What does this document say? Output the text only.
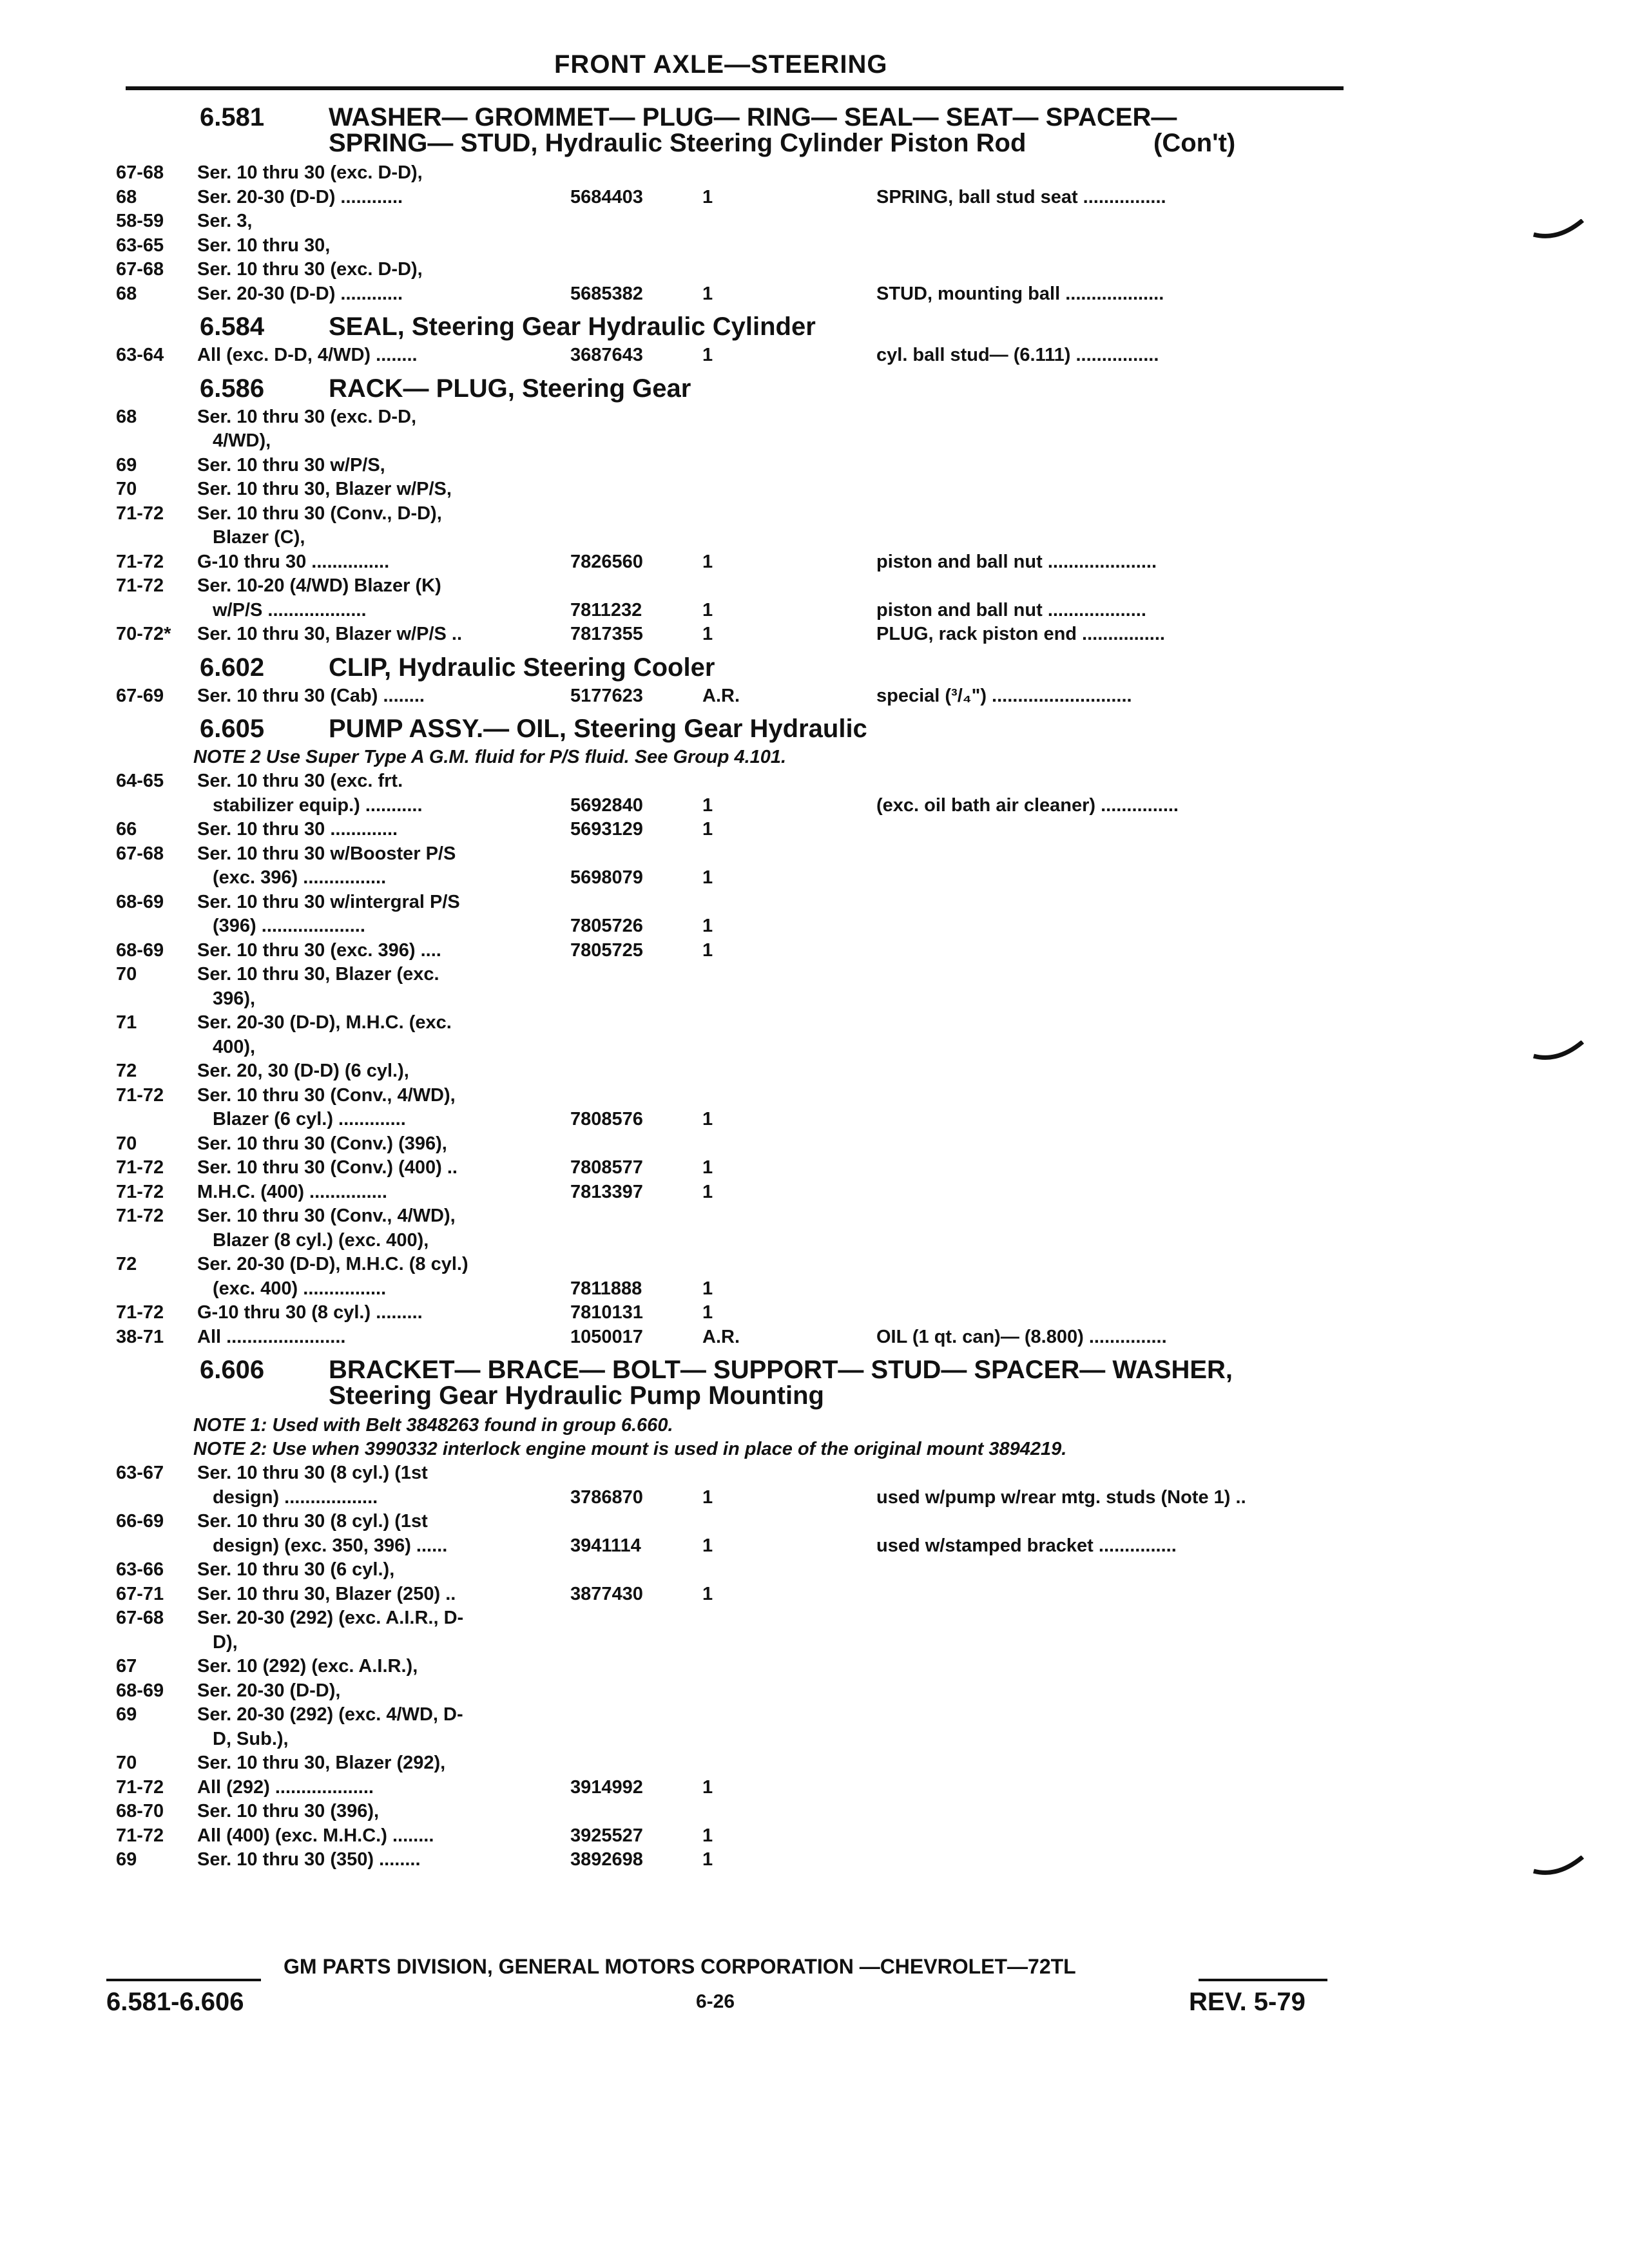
FRONT AXLE—STEERING
6.581 WASHER— GROMMET— PLUG— RING— SEAL— SEAT— SPACER—
SPRING— STUD, Hydraulic Steering Cylinder Piston Rod	(Con't)
67-68	Ser. 10 thru 30 (exc. D-D),
68	Ser. 20-30 (D-D) ............	5684403	1	SPRING, ball stud seat ................
58-59	Ser. 3,
63-65	Ser. 10 thru 30,
67-68	Ser. 10 thru 30 (exc. D-D),
68	Ser. 20-30 (D-D) ............	5685382	1	STUD, mounting ball ...................
6.584 SEAL, Steering Gear Hydraulic Cylinder
63-64	All (exc. D-D, 4/WD) ........	3687643	1	cyl. ball stud— (6.111) ................
6.586 RACK— PLUG, Steering Gear
68	Ser. 10 thru 30 (exc. D-D,
4/WD),
69	Ser. 10 thru 30 w/P/S,
70	Ser. 10 thru 30, Blazer w/P/S,
71-72	Ser. 10 thru 30 (Conv., D-D),
Blazer (C),
71-72	G-10 thru 30 ...............	7826560	1	piston and ball nut .....................
71-72	Ser. 10-20 (4/WD) Blazer (K)
w/P/S ...................	7811232	1	piston and ball nut ...................
70-72*	Ser. 10 thru 30, Blazer w/P/S ..	7817355	1	PLUG, rack piston end ................
6.602 CLIP, Hydraulic Steering Cooler
67-69	Ser. 10 thru 30 (Cab) ........	5177623	A.R.	special (³/₄") ...........................
6.605 PUMP ASSY.— OIL, Steering Gear Hydraulic
NOTE 2 Use Super Type A G.M. fluid for P/S fluid. See Group 4.101.
64-65	Ser. 10 thru 30 (exc. frt.
stabilizer equip.) ...........	5692840	1	(exc. oil bath air cleaner) ...............
66	Ser. 10 thru 30 .............	5693129	1
67-68	Ser. 10 thru 30 w/Booster P/S
(exc. 396) ................	5698079	1
68-69	Ser. 10 thru 30 w/intergral P/S
(396) ....................	7805726	1
68-69	Ser. 10 thru 30 (exc. 396) ....	7805725	1
70	Ser. 10 thru 30, Blazer (exc.
396),
71	Ser. 20-30 (D-D), M.H.C. (exc.
400),
72	Ser. 20, 30 (D-D) (6 cyl.),
71-72	Ser. 10 thru 30 (Conv., 4/WD),
Blazer (6 cyl.) .............	7808576	1
70	Ser. 10 thru 30 (Conv.) (396),
71-72	Ser. 10 thru 30 (Conv.) (400) ..	7808577	1
71-72	M.H.C. (400) ...............	7813397	1
71-72	Ser. 10 thru 30 (Conv., 4/WD),
Blazer (8 cyl.) (exc. 400),
72	Ser. 20-30 (D-D), M.H.C. (8 cyl.)
(exc. 400) ................	7811888	1
71-72	G-10 thru 30 (8 cyl.) .........	7810131	1
38-71	All .......................	1050017	A.R.	OIL (1 qt. can)— (8.800) ...............
6.606 BRACKET— BRACE— BOLT— SUPPORT— STUD— SPACER— WASHER,
Steering Gear Hydraulic Pump Mounting
NOTE 1: Used with Belt 3848263 found in group 6.660.
NOTE 2: Use when 3990332 interlock engine mount is used in place of the original mount 3894219.
63-67	Ser. 10 thru 30 (8 cyl.) (1st
design) ..................	3786870	1	used w/pump w/rear mtg. studs (Note 1) ..
66-69	Ser. 10 thru 30 (8 cyl.) (1st
design) (exc. 350, 396) ......	3941114	1	used w/stamped bracket ...............
63-66	Ser. 10 thru 30 (6 cyl.),
67-71	Ser. 10 thru 30, Blazer (250) ..	3877430	1
67-68	Ser. 20-30 (292) (exc. A.I.R., D-
D),
67	Ser. 10 (292) (exc. A.I.R.),
68-69	Ser. 20-30 (D-D),
69	Ser. 20-30 (292) (exc. 4/WD, D-
D, Sub.),
70	Ser. 10 thru 30, Blazer (292),
71-72	All (292) ...................	3914992	1
68-70	Ser. 10 thru 30 (396),
71-72	All (400) (exc. M.H.C.) ........	3925527	1
69	Ser. 10 thru 30 (350) ........	3892698	1
GM PARTS DIVISION, GENERAL MOTORS CORPORATION —CHEVROLET—72TL
6.581-6.606	6-26	REV. 5-79
